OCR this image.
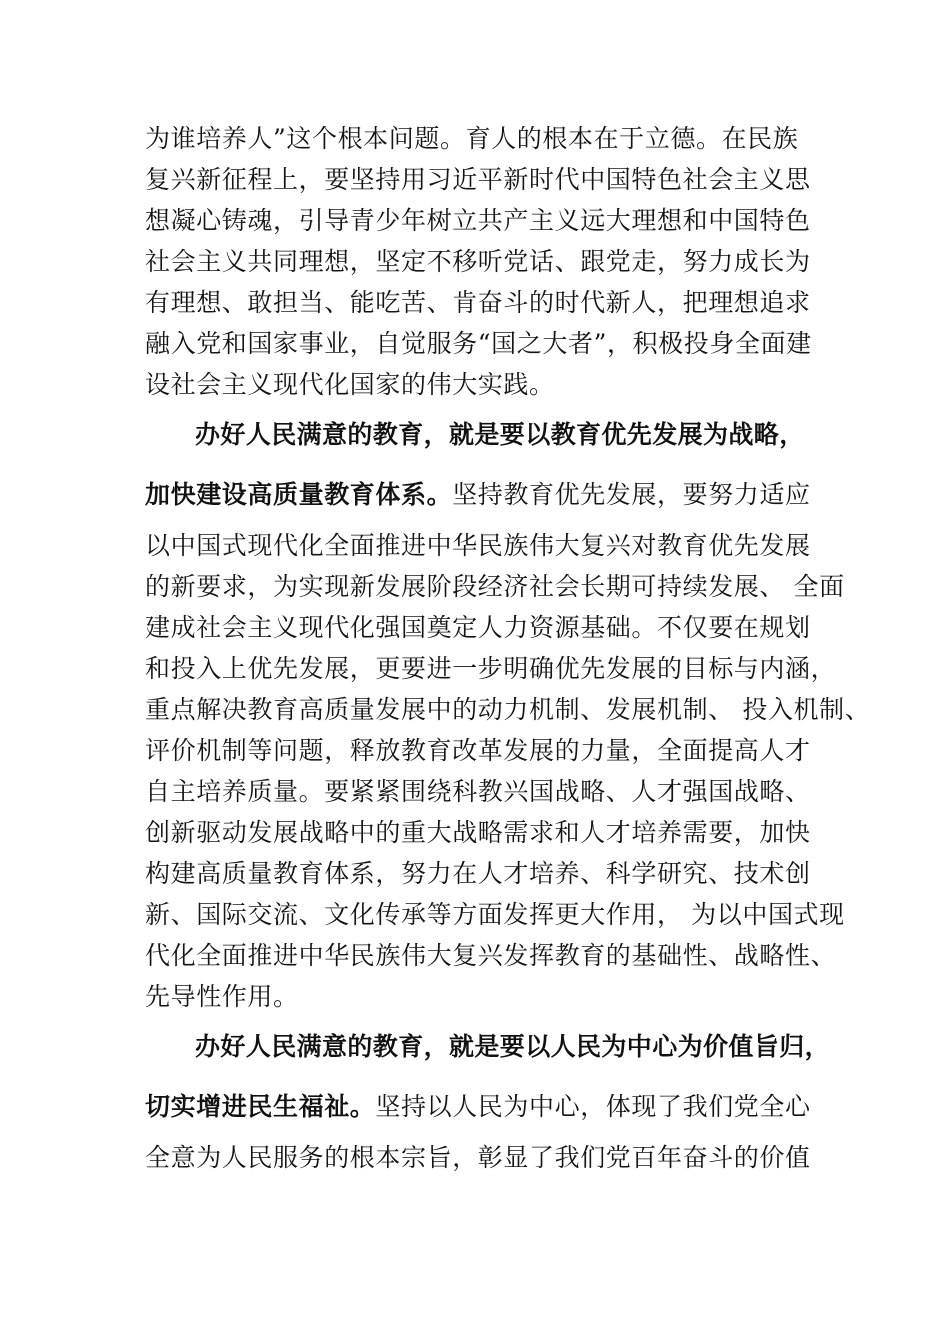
为谁培养人”这个根本问题。育人的根本在于立德。在民族
复兴新征程上，要坚持用习近平新时代中国特色社会主义思
想凝心铸魂，引导青少年树立共产主义远大理想和中国特色
社会主义共同理想，坚定不移听党话、跟党走，努力成长为
有理想、敢担当、能吃苦、肯奋斗的时代新人，把理想追求
融入党和国家事业，自觉服务“国之大者”，积极投身全面建
设社会主义现代化国家的伟大实践。
办好人民满意的教育，就是要以教育优先发展为战略，
加快建设高质量教育体系。坚持教育优先发展，要努力适应
以中国式现代化全面推进中华民族伟大复兴对教育优先发展
的新要求，为实现新发展阶段经济社会长期可持续发展、 全面
建成社会主义现代化强国奠定人力资源基础。不仅要在规划
和投入上优先发展，更要进一步明确优先发展的目标与内涵，
重点解决教育高质量发展中的动力机制、发展机制、 投入机制、
评价机制等问题，释放教育改革发展的力量，全面提高人才
自主培养质量。要紧紧围绕科教兴国战略、人才强国战略、
创新驱动发展战略中的重大战略需求和人才培养需要，加快
构建高质量教育体系，努力在人才培养、科学研究、技术创
新、国际交流、文化传承等方面发挥更大作用， 为以中国式现
代化全面推进中华民族伟大复兴发挥教育的基础性、战略性、
先导性作用。
办好人民满意的教育，就是要以人民为中心为价值旨归，
切实增进民生福祉。坚持以人民为中心，体现了我们党全心
全意为人民服务的根本宗旨，彰显了我们党百年奋斗的价值
